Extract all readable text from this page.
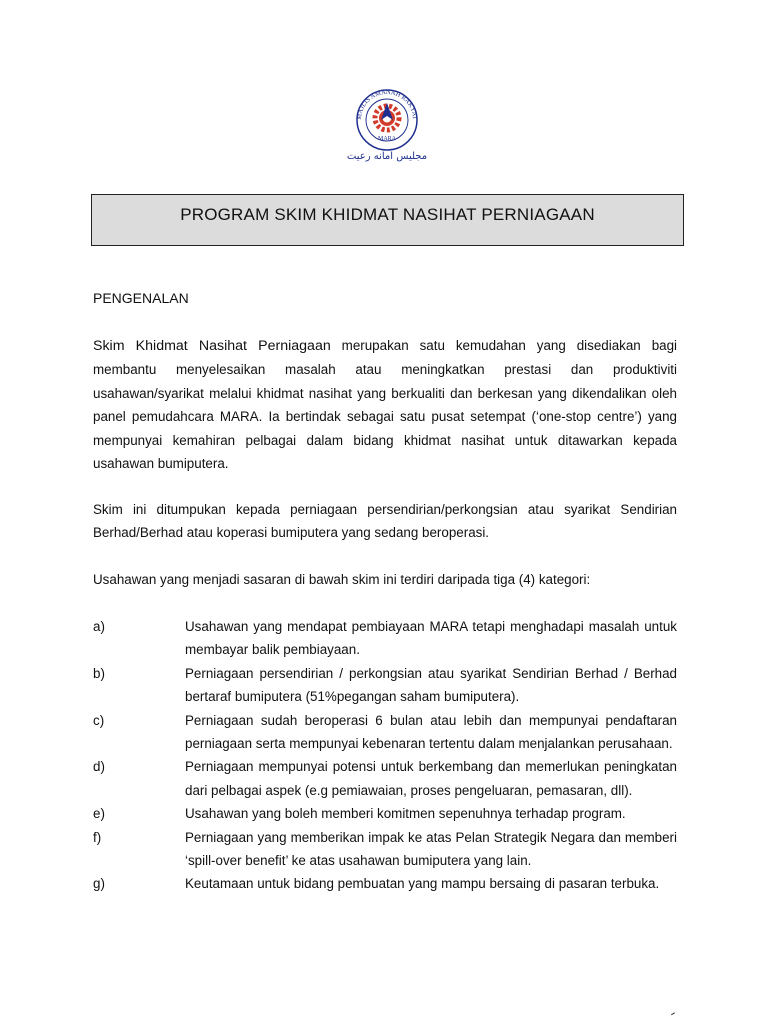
MAJLIS AMANAH RAKYAT
MARA
مجليس امانه رعيت
PROGRAM SKIM KHIDMAT NASIHAT PERNIAGAAN
PENGENALAN
Skim Khidmat Nasihat Perniagaan merupakan satu kemudahan yang disediakan bagi membantu menyelesaikan masalah atau meningkatkan prestasi dan produktiviti usahawan/syarikat melalui khidmat nasihat yang berkualiti dan berkesan yang dikendalikan oleh panel pemudahcara MARA. Ia bertindak sebagai satu pusat setempat (‘one-stop centre’) yang mempunyai kemahiran pelbagai dalam bidang khidmat nasihat untuk ditawarkan kepada usahawan bumiputera.
Skim ini ditumpukan kepada perniagaan persendirian/perkongsian atau syarikat Sendirian Berhad/Berhad atau koperasi bumiputera yang sedang beroperasi.
Usahawan yang menjadi sasaran di bawah skim ini terdiri daripada tiga (4) kategori:
a)	Usahawan yang mendapat pembiayaan MARA tetapi menghadapi masalah untuk membayar balik pembiayaan.
b)	Perniagaan persendirian / perkongsian atau syarikat Sendirian Berhad / Berhad bertaraf bumiputera (51%pegangan saham bumiputera).
c)	Perniagaan sudah beroperasi 6 bulan atau lebih dan mempunyai pendaftaran perniagaan serta mempunyai kebenaran tertentu dalam menjalankan perusahaan.
d)	Perniagaan mempunyai potensi untuk berkembang dan memerlukan peningkatan dari pelbagai aspek (e.g pemiawaian, proses pengeluaran, pemasaran, dll).
e)	Usahawan yang boleh memberi komitmen sepenuhnya terhadap program.
f)	Perniagaan yang memberikan impak ke atas Pelan Strategik Negara dan memberi ‘spill-over benefit’ ke atas usahawan bumiputera yang lain.
g)	Keutamaan untuk bidang pembuatan yang mampu bersaing di pasaran terbuka.
